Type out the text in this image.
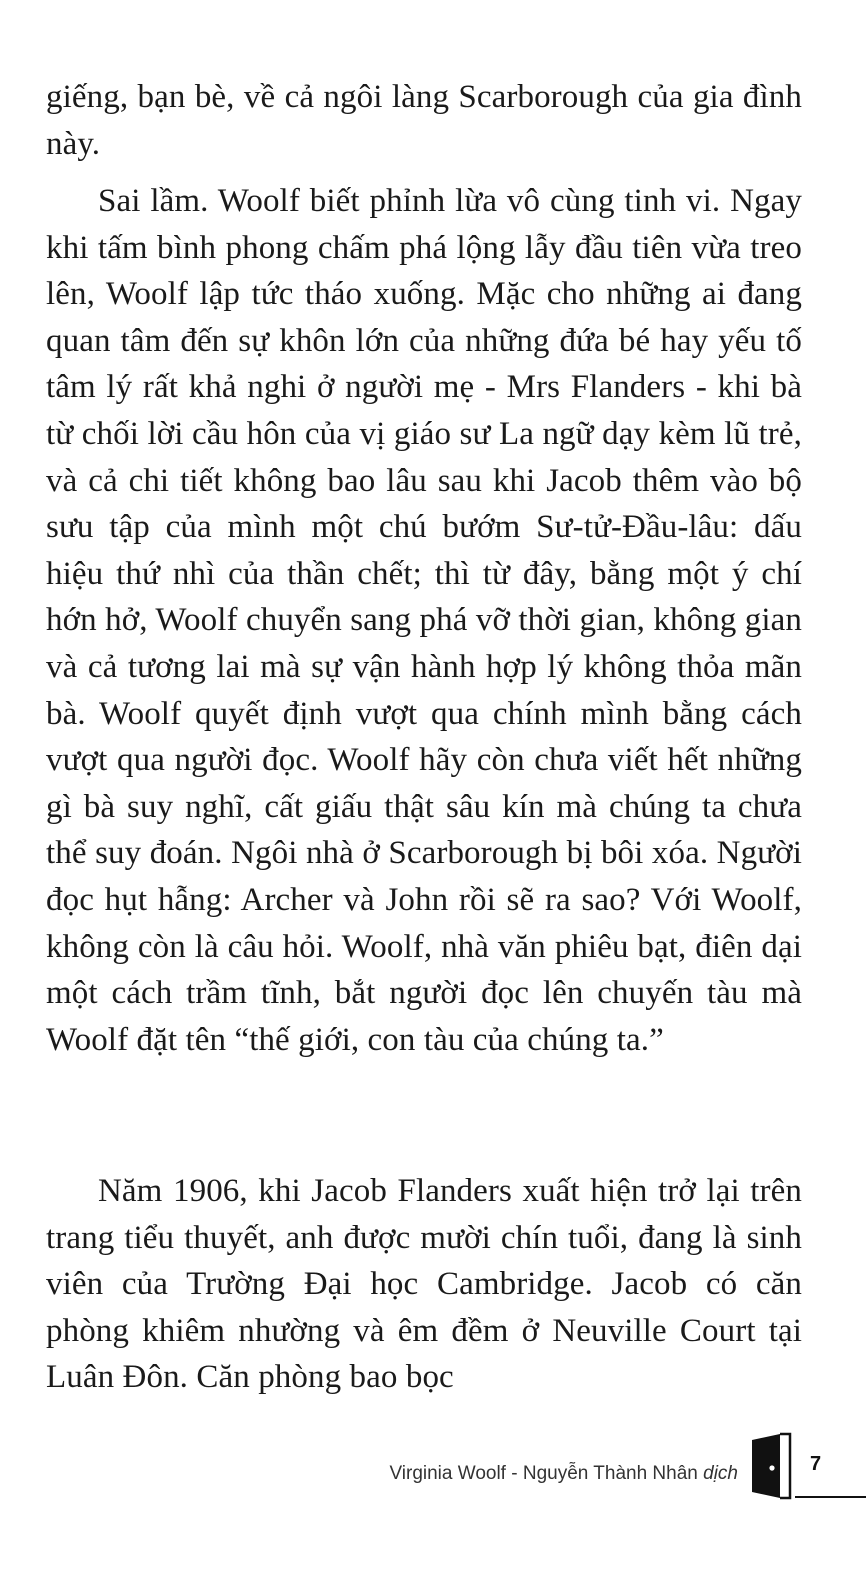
giếng, bạn bè, về cả ngôi làng Scarborough của gia đình này.

Sai lầm. Woolf biết phỉnh lừa vô cùng tinh vi. Ngay khi tấm bình phong chấm phá lộng lẫy đầu tiên vừa treo lên, Woolf lập tức tháo xuống. Mặc cho những ai đang quan tâm đến sự khôn lớn của những đứa bé hay yếu tố tâm lý rất khả nghi ở người mẹ - Mrs Flanders - khi bà từ chối lời cầu hôn của vị giáo sư La ngữ dạy kèm lũ trẻ, và cả chi tiết không bao lâu sau khi Jacob thêm vào bộ sưu tập của mình một chú bướm Sư-tử-Đầu-lâu: dấu hiệu thứ nhì của thần chết; thì từ đây, bằng một ý chí hớn hở, Woolf chuyển sang phá vỡ thời gian, không gian và cả tương lai mà sự vận hành hợp lý không thỏa mãn bà. Woolf quyết định vượt qua chính mình bằng cách vượt qua người đọc. Woolf hãy còn chưa viết hết những gì bà suy nghĩ, cất giấu thật sâu kín mà chúng ta chưa thể suy đoán. Ngôi nhà ở Scarborough bị bôi xóa. Người đọc hụt hẫng: Archer và John rồi sẽ ra sao? Với Woolf, không còn là câu hỏi. Woolf, nhà văn phiêu bạt, điên dại một cách trầm tĩnh, bắt người đọc lên chuyến tàu mà Woolf đặt tên “thế giới, con tàu của chúng ta.”

Năm 1906, khi Jacob Flanders xuất hiện trở lại trên trang tiểu thuyết, anh được mười chín tuổi, đang là sinh viên của Trường Đại học Cambridge. Jacob có căn phòng khiêm nhường và êm đềm ở Neuville Court tại Luân Đôn. Căn phòng bao bọc

Virginia Woolf - Nguyễn Thành Nhân dịch	7
